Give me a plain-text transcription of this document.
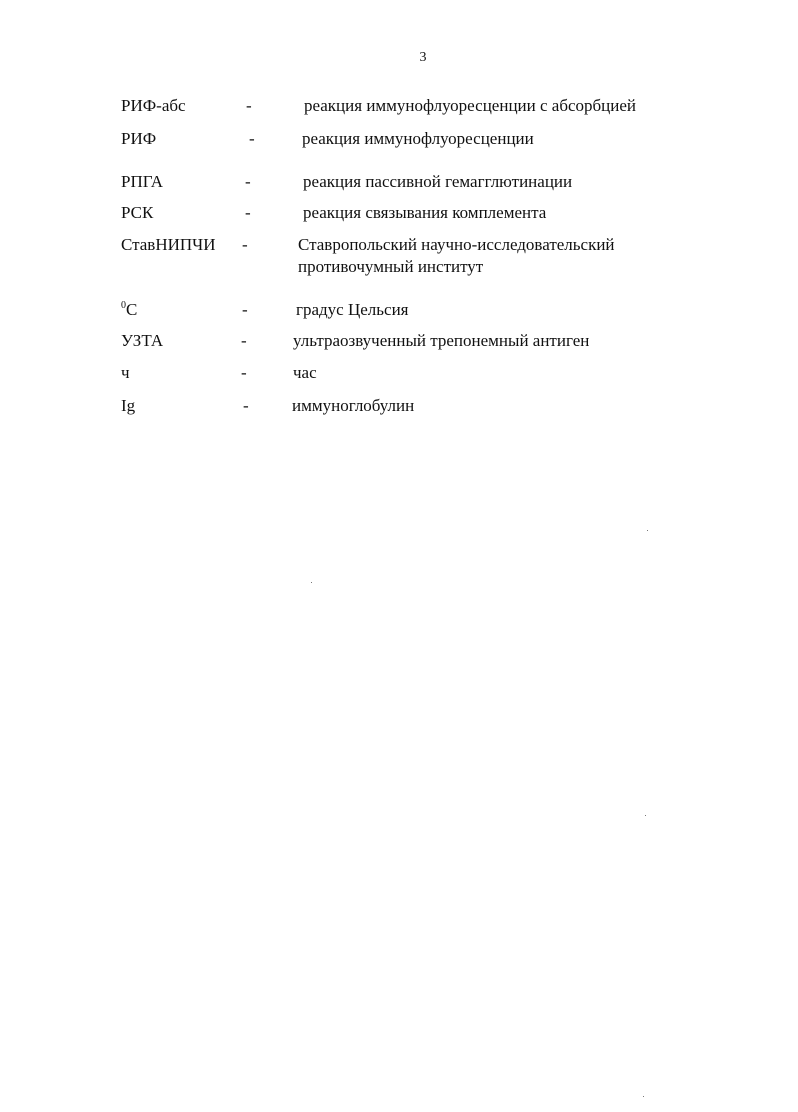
3
РИФ-абс	-	реакция иммунофлуоресценции с абсорбцией
РИФ	-	реакция иммунофлуоресценции
РПГА	-	реакция пассивной гемагглютинации
РСК	-	реакция связывания комплемента
СтавНИПЧИ -	Ставропольский научно-исследовательский
противочумный институт
$^0$С	-	градус Цельсия
УЗТА	-	ультраозвученный трепонемный антиген
ч	-	час
Ig	-	иммуноглобулин
